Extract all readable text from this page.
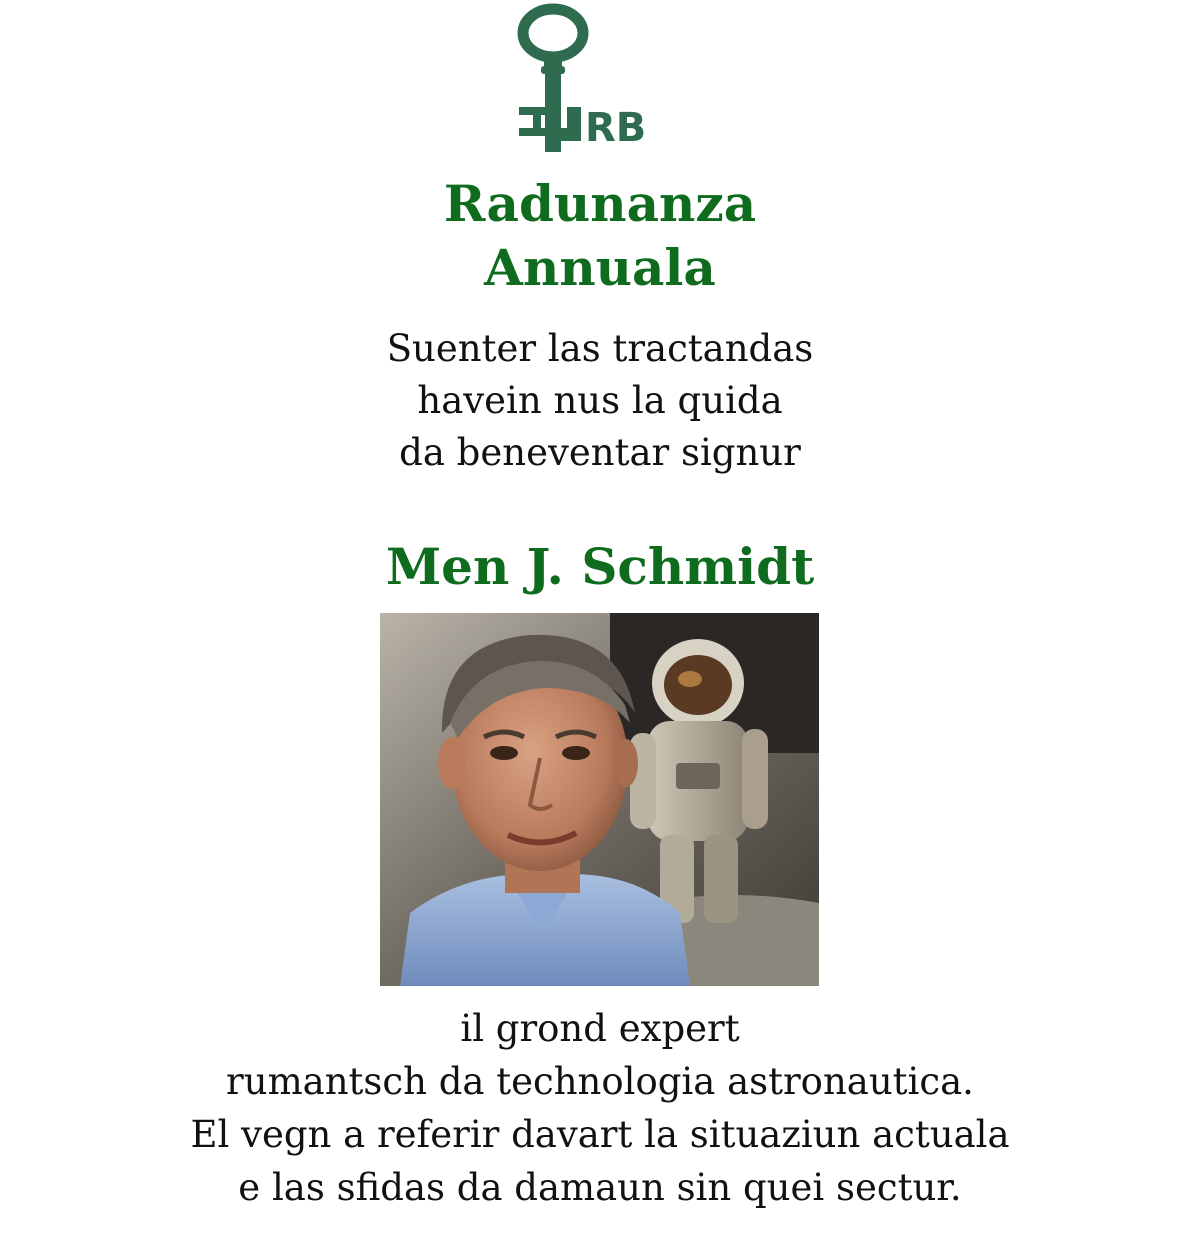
RB
Radunanza
Annuala
Suenter las tractandas
havein nus la quida
da beneventar signur
Men J. Schmidt
il grond expert
rumantsch da technologia astronautica.
El vegn a referir davart la situaziun actuala
e las sfidas da damaun sin quei sectur.
